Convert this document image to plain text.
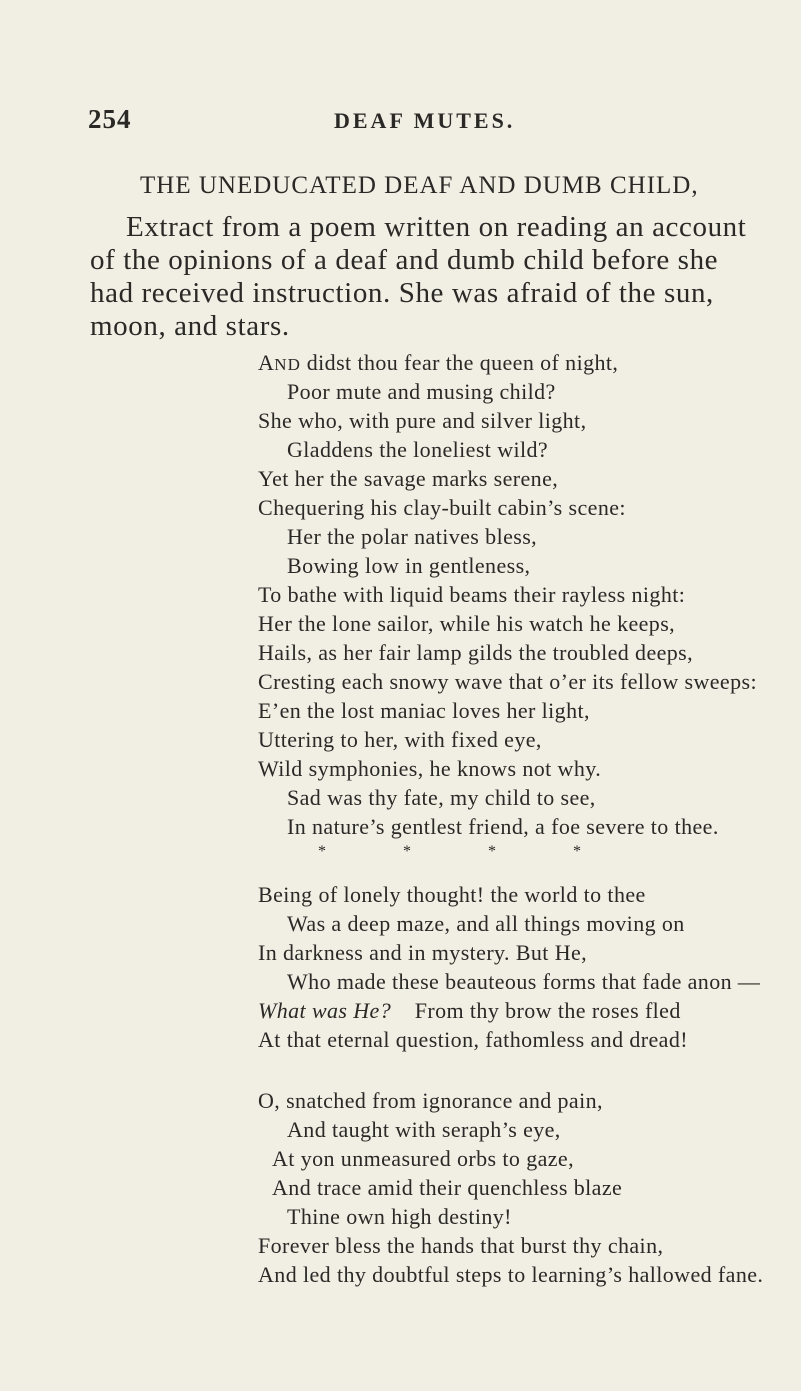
254	DEAF MUTES.
THE UNEDUCATED DEAF AND DUMB CHILD,
Extract from a poem written on reading an account
of the opinions of a deaf and dumb child before she
had received instruction. She was afraid of the sun,
moon, and stars.
AND didst thou fear the queen of night,
Poor mute and musing child?
She who, with pure and silver light,
Gladdens the loneliest wild?
Yet her the savage marks serene,
Chequering his clay-built cabin’s scene:
Her the polar natives bless,
Bowing low in gentleness,
To bathe with liquid beams their rayless night:
Her the lone sailor, while his watch he keeps,
Hails, as her fair lamp gilds the troubled deeps,
Cresting each snowy wave that o’er its fellow sweeps:
E’en the lost maniac loves her light,
Uttering to her, with fixed eye,
Wild symphonies, he knows not why.
Sad was thy fate, my child to see,
In nature’s gentlest friend, a foe severe to thee.
*	*	*	*
Being of lonely thought! the world to thee
Was a deep maze, and all things moving on
In darkness and in mystery. But He,
Who made these beauteous forms that fade anon —
What was He? From thy brow the roses fled
At that eternal question, fathomless and dread!
O, snatched from ignorance and pain,
And taught with seraph’s eye,
At yon unmeasured orbs to gaze,
And trace amid their quenchless blaze
Thine own high destiny!
Forever bless the hands that burst thy chain,
And led thy doubtful steps to learning’s hallowed fane.
